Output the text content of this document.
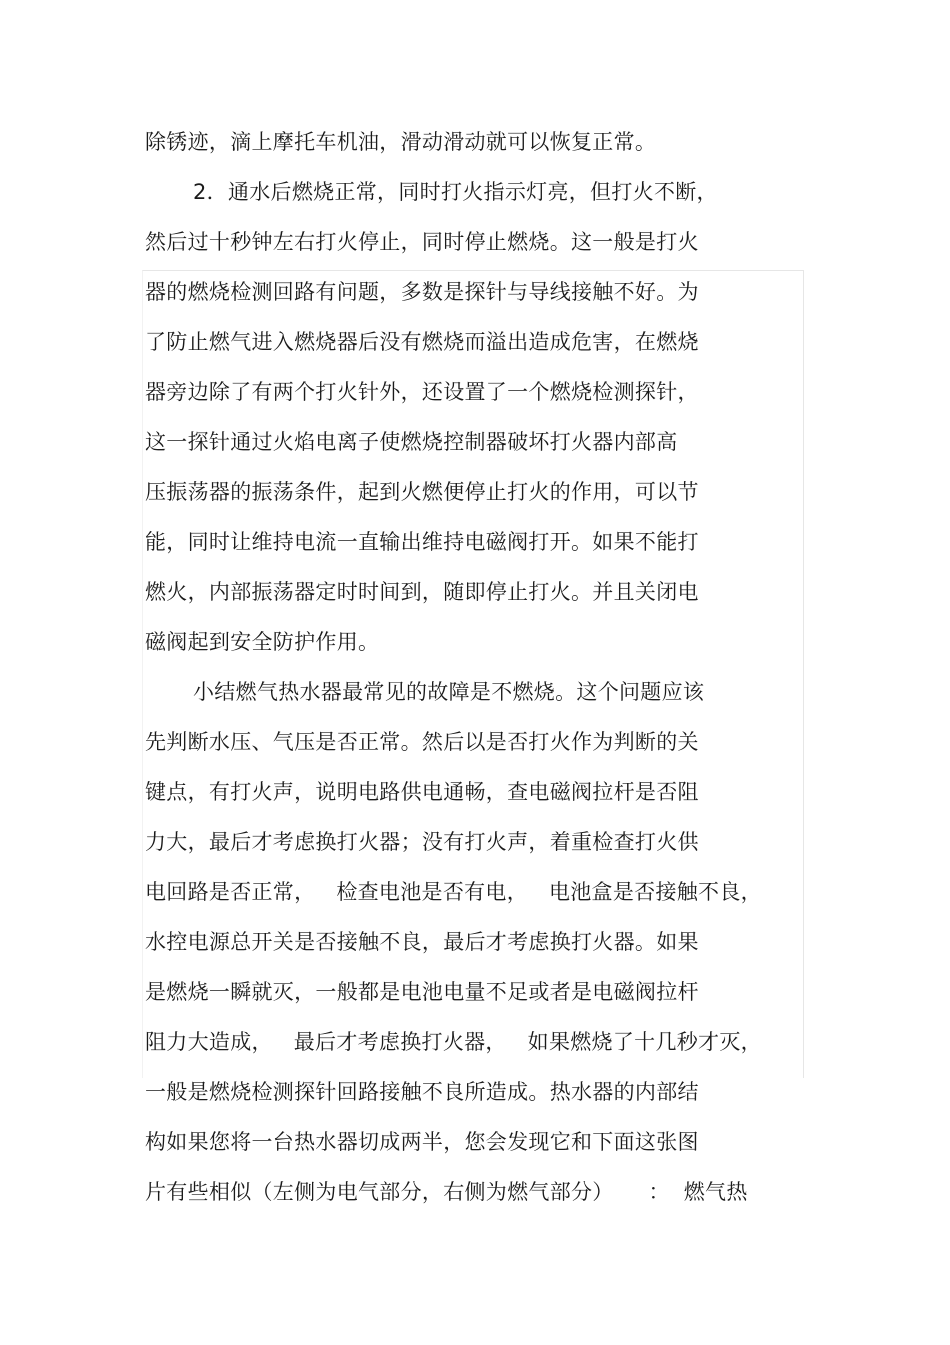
除锈迹，滴上摩托车机油，滑动滑动就可以恢复正常。
2．通水后燃烧正常，同时打火指示灯亮，但打火不断，
然后过十秒钟左右打火停止，同时停止燃烧。这一般是打火
器的燃烧检测回路有问题，多数是探针与导线接触不好。为
了防止燃气进入燃烧器后没有燃烧而溢出造成危害，在燃烧
器旁边除了有两个打火针外，还设置了一个燃烧检测探针，
这一探针通过火焰电离子使燃烧控制器破坏打火器内部高
压振荡器的振荡条件，起到火燃便停止打火的作用，可以节
能，同时让维持电流一直输出维持电磁阀打开。如果不能打
燃火，内部振荡器定时时间到，随即停止打火。并且关闭电
磁阀起到安全防护作用。
小结燃气热水器最常见的故障是不燃烧。这个问题应该
先判断水压、气压是否正常。然后以是否打火作为判断的关
键点，有打火声，说明电路供电通畅，查电磁阀拉杆是否阻
力大，最后才考虑换打火器；没有打火声，着重检查打火供
电回路是否正常，   检查电池是否有电，   电池盒是否接触不良，
水控电源总开关是否接触不良，最后才考虑换打火器。如果
是燃烧一瞬就灭，一般都是电池电量不足或者是电磁阀拉杆
阻力大造成，   最后才考虑换打火器，   如果燃烧了十几秒才灭，
一般是燃烧检测探针回路接触不良所造成。热水器的内部结
构如果您将一台热水器切成两半，您会发现它和下面这张图
片有些相似（左侧为电气部分，右侧为燃气部分）     ：  燃气热
